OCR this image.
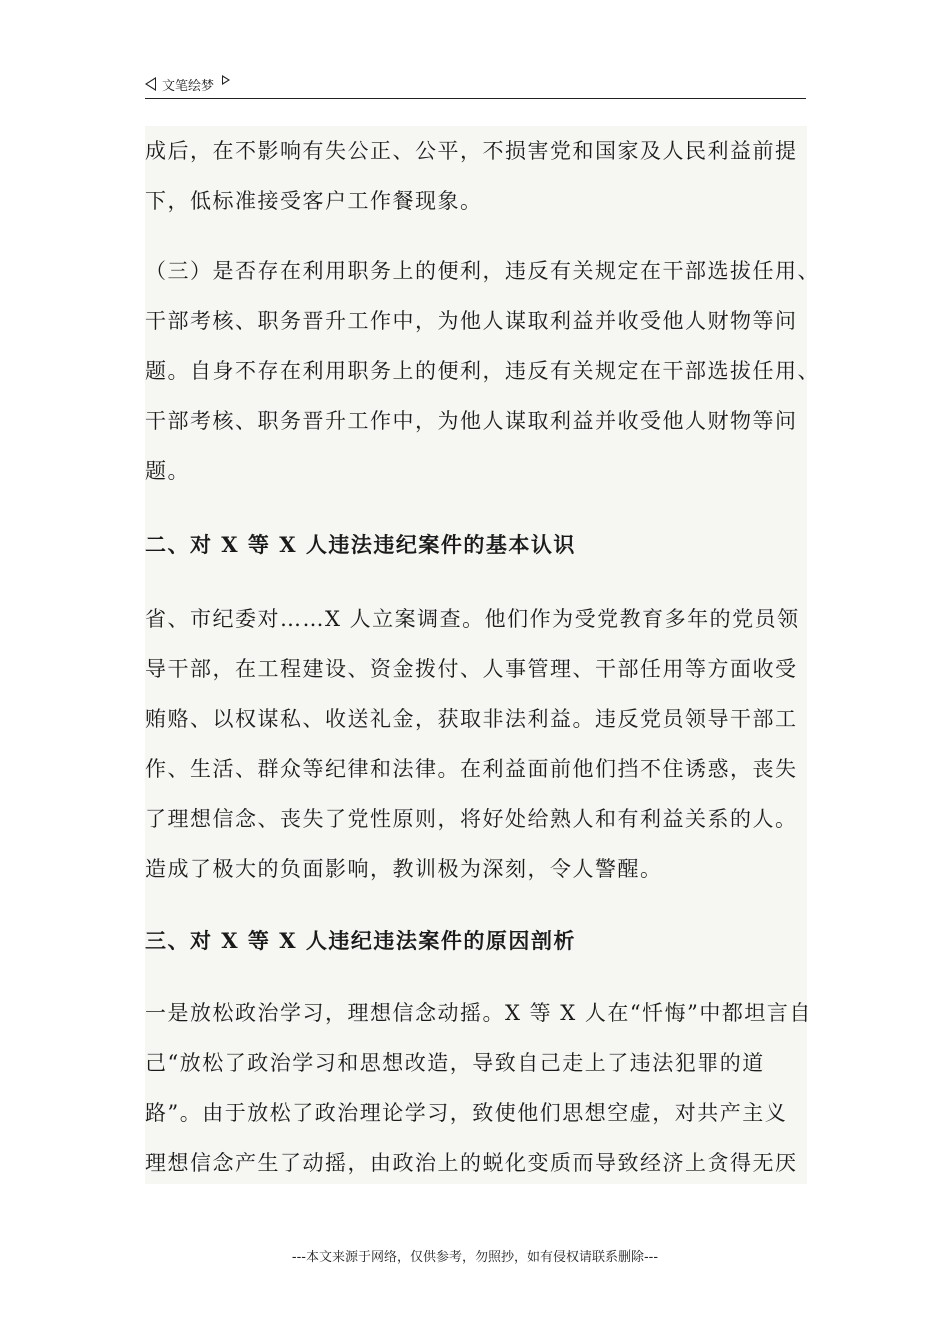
文笔绘梦
成后，在不影响有失公正、公平，不损害党和国家及人民利益前提
下，低标准接受客户工作餐现象。
（三）是否存在利用职务上的便利，违反有关规定在干部选拔任用、
干部考核、职务晋升工作中，为他人谋取利益并收受他人财物等问
题。自身不存在利用职务上的便利，违反有关规定在干部选拔任用、
干部考核、职务晋升工作中，为他人谋取利益并收受他人财物等问
题。
二、对 X 等 X 人违法违纪案件的基本认识
省、市纪委对……X 人立案调查。他们作为受党教育多年的党员领
导干部，在工程建设、资金拨付、人事管理、干部任用等方面收受
贿赂、以权谋私、收送礼金，获取非法利益。违反党员领导干部工
作、生活、群众等纪律和法律。在利益面前他们挡不住诱惑，丧失
了理想信念、丧失了党性原则，将好处给熟人和有利益关系的人。
造成了极大的负面影响，教训极为深刻，令人警醒。
三、对 X 等 X 人违纪违法案件的原因剖析
一是放松政治学习，理想信念动摇。X 等 X 人在“忏悔”中都坦言自
己“放松了政治学习和思想改造，导致自己走上了违法犯罪的道
路”。由于放松了政治理论学习，致使他们思想空虚，对共产主义
理想信念产生了动摇，由政治上的蜕化变质而导致经济上贪得无厌
---本文来源于网络，仅供参考，勿照抄，如有侵权请联系删除---
